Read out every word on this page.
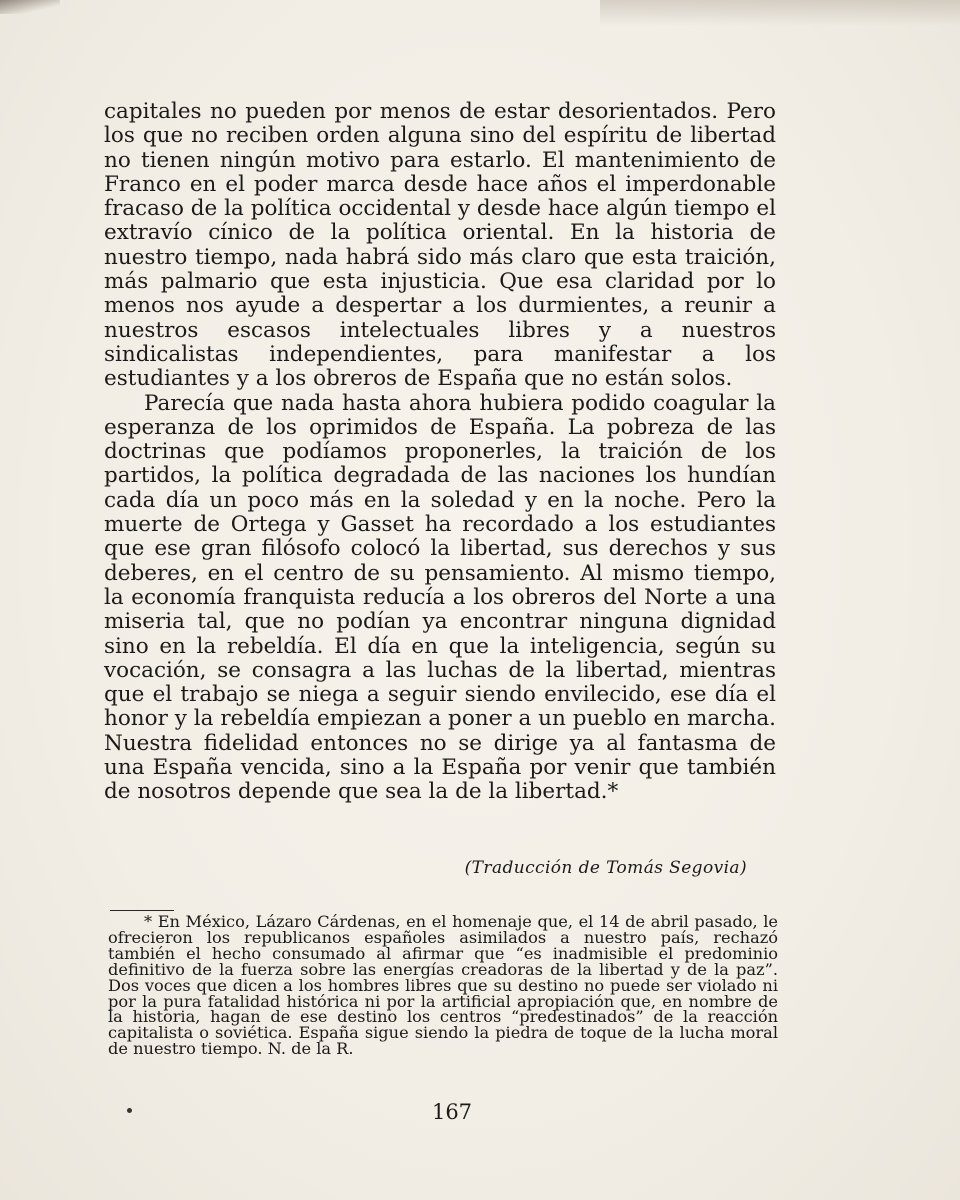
capitales no pueden por menos de estar desorientados. Pero los que no reciben orden alguna sino del espíritu de libertad no tienen ningún motivo para estarlo. El mantenimiento de Franco en el poder marca desde hace años el imperdonable fracaso de la política occidental y desde hace algún tiempo el extravío cínico de la política oriental. En la historia de nuestro tiempo, nada habrá sido más claro que esta traición, más palmario que esta injusticia. Que esa claridad por lo menos nos ayude a despertar a los durmientes, a reunir a nuestros escasos intelectuales libres y a nuestros sindicalistas independientes, para manifestar a los estudiantes y a los obreros de España que no están solos.

Parecía que nada hasta ahora hubiera podido coagular la esperanza de los oprimidos de España. La pobreza de las doctrinas que podíamos proponerles, la traición de los partidos, la política degradada de las naciones los hundían cada día un poco más en la soledad y en la noche. Pero la muerte de Ortega y Gasset ha recordado a los estudiantes que ese gran filósofo colocó la libertad, sus derechos y sus deberes, en el centro de su pensamiento. Al mismo tiempo, la economía franquista reducía a los obreros del Norte a una miseria tal, que no podían ya encontrar ninguna dignidad sino en la rebeldía. El día en que la inteligencia, según su vocación, se consagra a las luchas de la libertad, mientras que el trabajo se niega a seguir siendo envilecido, ese día el honor y la rebeldía empiezan a poner a un pueblo en marcha. Nuestra fidelidad entonces no se dirige ya al fantasma de una España vencida, sino a la España por venir que también de nosotros depende que sea la de la libertad.*

(Traducción de Tomás Segovia)

* En México, Lázaro Cárdenas, en el homenaje que, el 14 de abril pasado, le ofrecieron los republicanos españoles asimilados a nuestro país, rechazó también el hecho consumado al afirmar que “es inadmisible el predominio definitivo de la fuerza sobre las energías creadoras de la libertad y de la paz”. Dos voces que dicen a los hombres libres que su destino no puede ser violado ni por la pura fatalidad histórica ni por la artificial apropiación que, en nombre de la historia, hagan de ese destino los centros “predestinados” de la reacción capitalista o soviética. España sigue siendo la piedra de toque de la lucha moral de nuestro tiempo. N. de la R.

167
